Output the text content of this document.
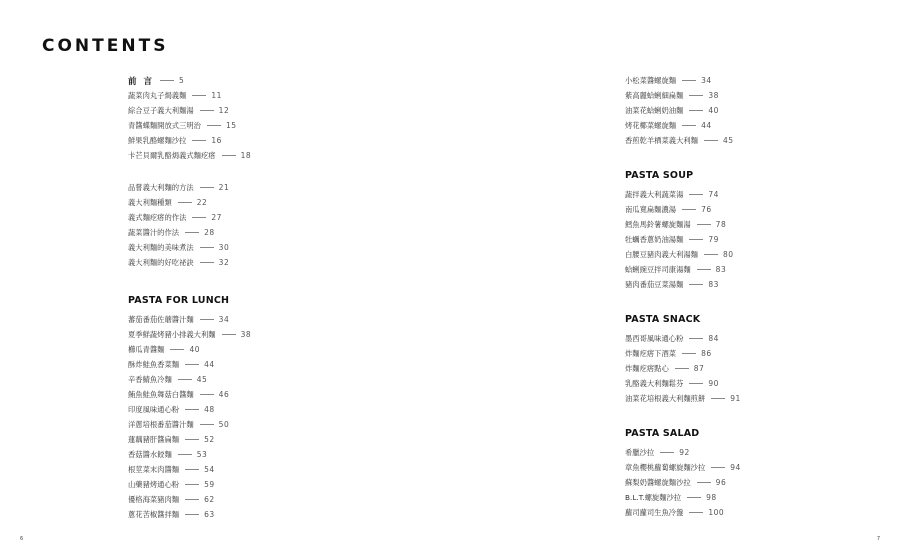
CONTENTS
前 言	5
蔬菜肉丸子焗義麵	11
綜合豆子義大利麵湯	12
青醬蝶麵開放式三明治	15
鮮果乳酪螺麵沙拉	16
卡芒貝爾乳酪焗義式麵疙瘩	18
品嘗義大利麵的方法	21
義大利麵種類	22
義式麵疙瘩的作法	27
蔬菜醬汁的作法	28
義大利麵的美味煮法	30
義大利麵的好吃祕訣	32
PASTA FOR LUNCH
蕃茄番茄佐蘑醬汁麵	34
夏季鮮蔬烤豬小排義大利麵	38
櫛瓜青醬麵	40
酥炸鮭魚香菜麵	44
辛香鯖魚冷麵	45
鮪魚鮭魚舞菇白醬麵	46
印度風味通心粉	48
洋蔥培根番茄醬汁麵	50
蓮藕豬肝醬扁麵	52
香菇醬水餃麵	53
根莖菜末肉醬麵	54
山藥豬烤通心粉	59
優格海菜豬肉麵	62
蔥花苦椒醬拌麵	63
小松菜醬螺旋麵	34
紫高麗蛤蜊細扁麵	38
油菜花蛤蜊奶油麵	40
烤花椰菜螺旋麵	44
香煎乾羊栖菜義大利麵	45
PASTA SOUP
蔬拌義大利蔬菜湯	74
南瓜寬扁麵濃湯	76
鱈魚馬鈴薯螺旋麵湯	78
牡蠣香蔥奶油湯麵	79
白腰豆豬肉義大利湯麵	80
蛤蜊豌豆拌司康湯麵	83
豬肉番茄豆菜湯麵	83
PASTA SNACK
墨西哥風味通心粉	84
炸麵疙瘩下酒菜	86
炸麵疙瘩點心	87
乳酪義大利麵鬆芬	90
油菜花培根義大利麵煎餅	91
PASTA SALAD
希臘沙拉	92
章魚櫻桃蘿蔔螺旋麵沙拉	94
蘇梨奶醬螺旋麵沙拉	96
B.L.T.螺旋麵沙拉	98
蘿司蘿司生魚冷盤	100
6	7
